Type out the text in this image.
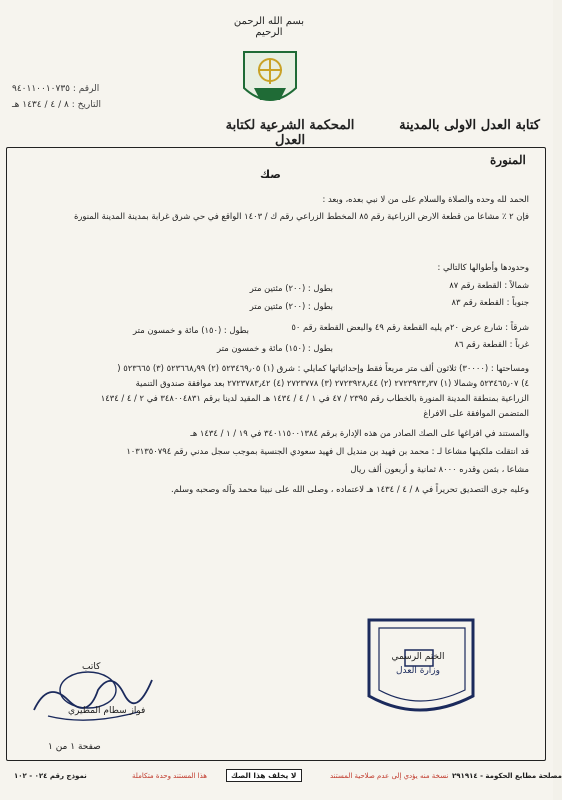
بسم الله الرحمن الرحيم
المحكمة الشرعية لكتابة العدل
كتابة العدل الاولى بالمدينة
الرقم : ٩٤٠١١٠٠١٠٧٣٥
التاريخ : ٨ / ٤ / ١٤٣٤ هـ
المنورة
صك
الحمد لله وحده والصلاة والسلام على من لا نبي بعده، وبعد :
فإن ٢ ٪ مشاعا من قطعة الارض الزراعية رقم ٨٥ المخطط الزراعي رقم ك / ١٤٠٣ الواقع في حي شرق غرابة بمدينة المدينة المنورة
وحدودها وأطوالها كالتالي :
شمالاً : القطعة رقم ٨٧
بطول : (٢٠٠) مئتين متر
جنوباً : القطعة رقم ٨٣
بطول : (٢٠٠) مئتين متر
شرقاً : شارع عرض ٢٠م يليه القطعة رقم ٤٩ والبعض القطعة رقم ٥٠
بطول : (١٥٠) مائة و خمسون متر
غرباً : القطعة رقم ٨٦
بطول : (١٥٠) مائة و خمسون متر
ومساحتها : (٣٠٠٠٠) ثلاثون ألف متر مربعاً فقط وإحداثياتها كمايلي : شرق (١) ٥٢٣٤٦٩٫٠٥ (٢) ٥٢٣٦٦٨٫٩٩ (٣) ٥٢٣٦٦٥ (
٤) ٥٢٣٤٦٥٫٠٧ وشمالا (١) ٢٧٢٣٩٣٣٫٣٧ (٢) ٢٧٢٣٩٢٨٫٤٤ (٣) ٢٧٢٣٧٧٨ (٤) ٢٧٢٣٧٨٣٫٤٢ بعد موافقة صندوق التنمية
الزراعية بمنطقة المدينة المنورة بالخطاب رقم ٢٣٩٥ / ٤٧ في ١ / ٤ / ١٤٣٤ هـ المقيد لدينا برقم ٣٤٨٠٠٤٨٣١ في ٢ / ٤ / ١٤٣٤
المتضمن الموافقة على الافراغ
والمستند في افراغها على الصك الصادر من هذه الإدارة برقم ٣٤٠١١٥٠٠١٣٨٤ في ١٩ / ١ / ١٤٣٤ هـ
قد انتقلت ملكيتها مشاعا لـ : محمد بن فهيد بن منديل ال فهيد سعودي الجنسية بموجب سجل مدني رقم ١٠٣١٣٥٠٧٩٤
مشاعا ، بثمن وقدره ٨٠٠٠ ثمانية و أربعون ألف ريال
وعليه جرى التصديق تحريراً في ٨ / ٤ / ١٤٣٤ هـ لاعتماده ، وصلى الله على نبينا محمد وآله وصحبه وسلم.
الختم الرسمي
وزارة العدل
كاتب
فواز سطام المطيري
صفحة ١ من ١
نسخة منه يؤدي إلى عدم صلاحية المستند
لا يخلف هذا الصك
هذا المستند وحدة متكاملة	مصلحة مطابع الحكومة - ٢٩١٩١٤
نموذج رقم ٠٢٤ - ١٠٢
